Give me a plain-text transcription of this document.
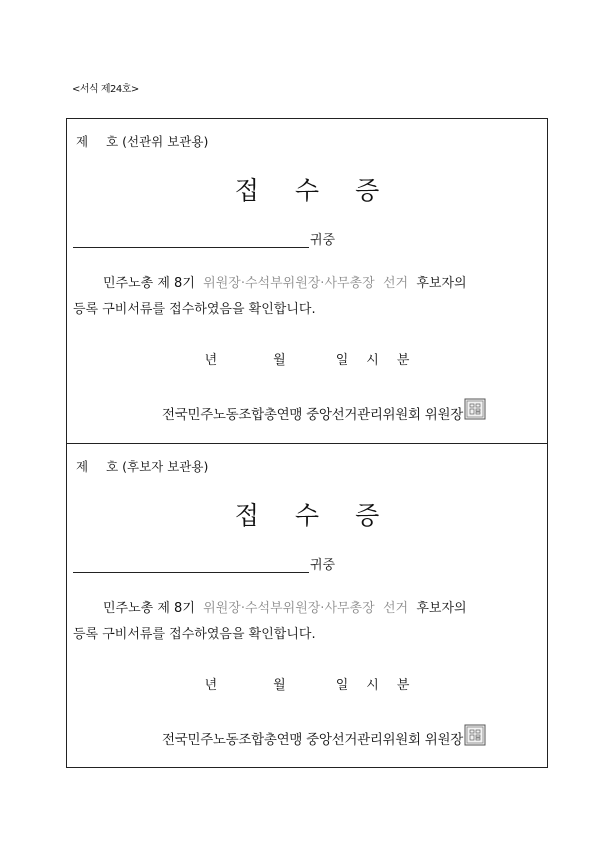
<서식 제24호>
제 호 (선관위 보관용)
접수증
귀중
민주노총 제 8기 위원장·수석부위원장·사무총장 선거 후보자의
등록 구비서류를 접수하였음을 확인합니다.
년	월	일 시 분
전국민주노동조합총연맹 중앙선거관리위원회 위원장
제 호 (후보자 보관용)
접수증
귀중
민주노총 제 8기 위원장·수석부위원장·사무총장 선거 후보자의
등록 구비서류를 접수하였음을 확인합니다.
년	월	일 시 분
전국민주노동조합총연맹 중앙선거관리위원회 위원장
